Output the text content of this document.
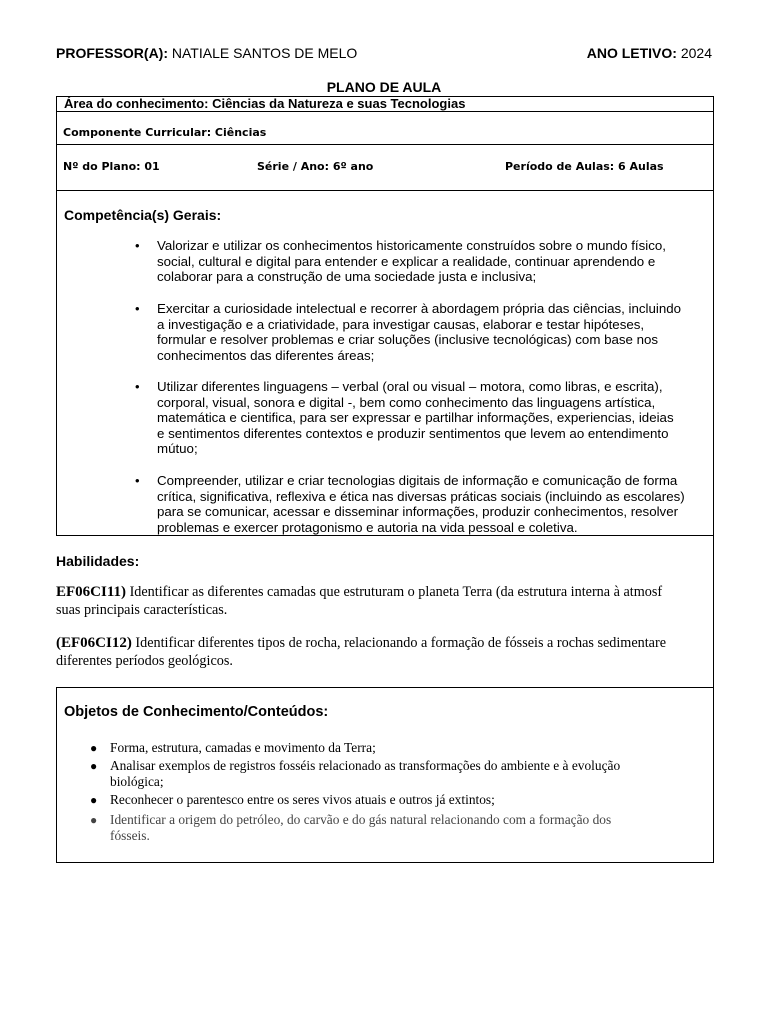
PROFESSOR(A): NATIALE SANTOS DE MELO	ANO LETIVO: 2024
PLANO DE AULA
Área do conhecimento: Ciências da Natureza e suas Tecnologias
Componente Curricular: Ciências
Nº do Plano: 01	Série / Ano: 6º ano	Período de Aulas: 6 Aulas
Competência(s) Gerais:
• Valorizar e utilizar os conhecimentos historicamente construídos sobre o mundo físico,
social, cultural e digital para entender e explicar a realidade, continuar aprendendo e
colaborar para a construção de uma sociedade justa e inclusiva;
• Exercitar a curiosidade intelectual e recorrer à abordagem própria das ciências, incluindo
a investigação e a criatividade, para investigar causas, elaborar e testar hipóteses,
formular e resolver problemas e criar soluções (inclusive tecnológicas) com base nos
conhecimentos das diferentes áreas;
• Utilizar diferentes linguagens – verbal (oral ou visual – motora, como libras, e escrita),
corporal, visual, sonora e digital -, bem como conhecimento das linguagens artística,
matemática e cientifica, para ser expressar e partilhar informações, experiencias, ideias
e sentimentos diferentes contextos e produzir sentimentos que levem ao entendimento
mútuo;
• Compreender, utilizar e criar tecnologias digitais de informação e comunicação de forma
crítica, significativa, reflexiva e ética nas diversas práticas sociais (incluindo as escolares)
para se comunicar, acessar e disseminar informações, produzir conhecimentos, resolver
problemas e exercer protagonismo e autoria na vida pessoal e coletiva.
Habilidades:
EF06CI11) Identificar as diferentes camadas que estruturam o planeta Terra (da estrutura interna à atmosf
suas principais características.
(EF06CI12) Identificar diferentes tipos de rocha, relacionando a formação de fósseis a rochas sedimentare
diferentes períodos geológicos.
Objetos de Conhecimento/Conteúdos:
● Forma, estrutura, camadas e movimento da Terra;
● Analisar exemplos de registros fosséis relacionado as transformações do ambiente e à evolução
biológica;
● Reconhecer o parentesco entre os seres vivos atuais e outros já extintos;
● Identificar a origem do petróleo, do carvão e do gás natural relacionando com a formação dos
fósseis.
